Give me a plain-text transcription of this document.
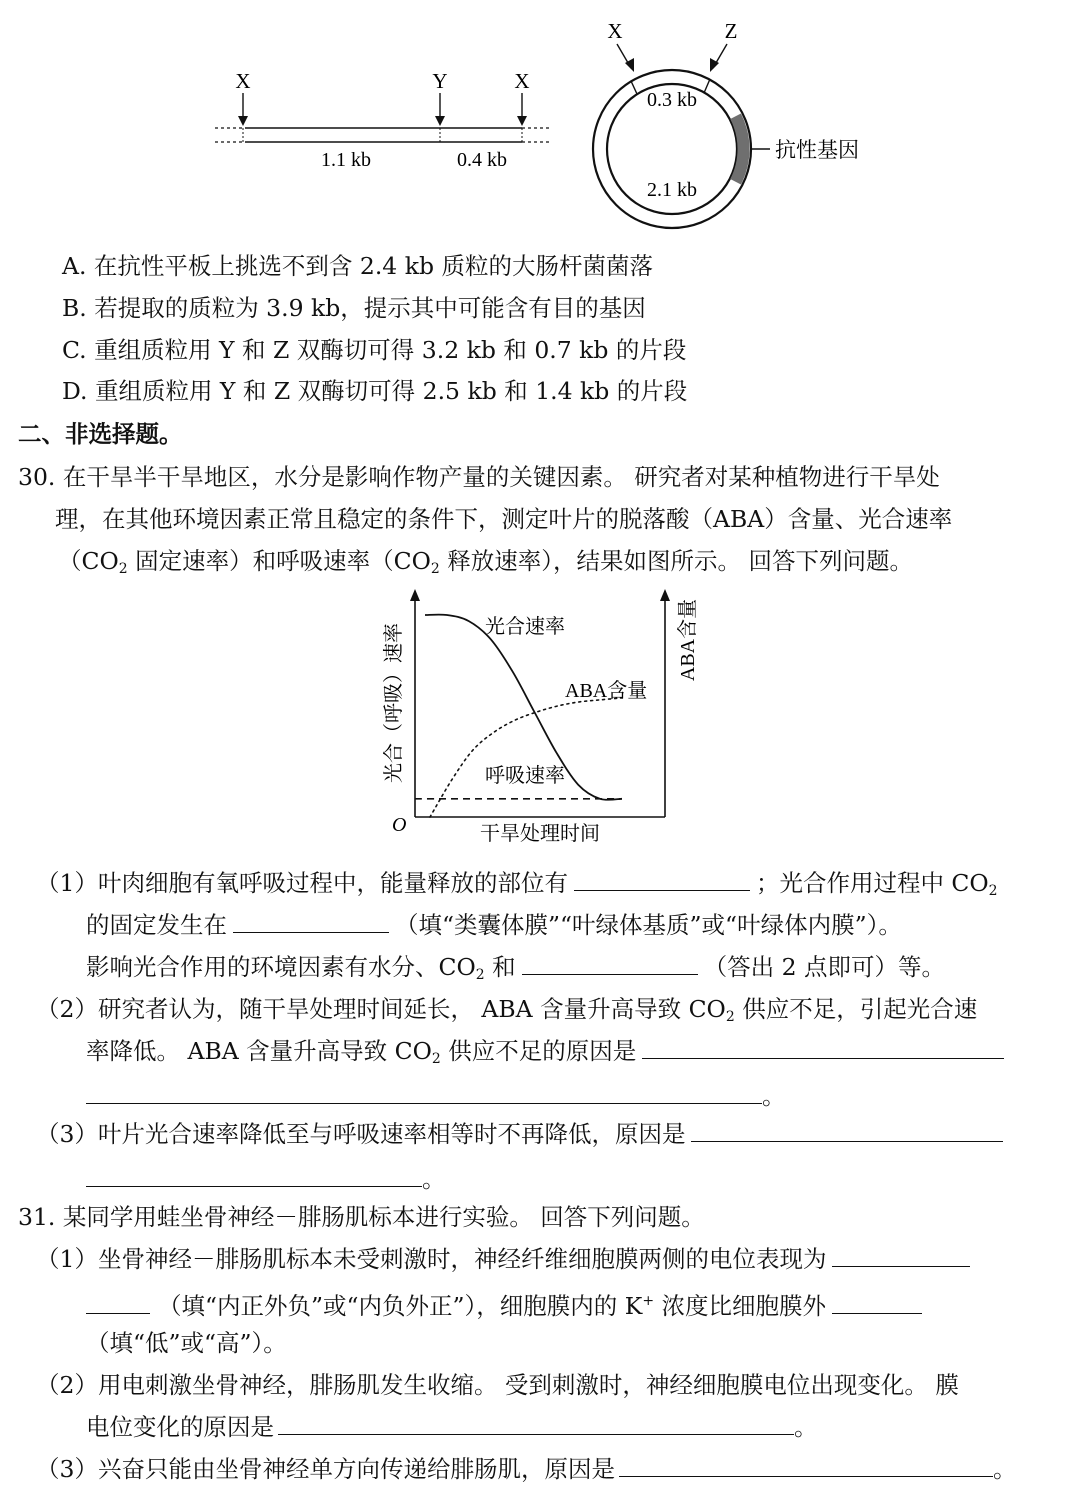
X	Y	X
1.1 kb	0.4 kb
X	Z
0.3 kb
2.1 kb
抗性基因
A. 在抗性平板上挑选不到含 2.4 kb 质粒的大肠杆菌菌落
B. 若提取的质粒为 3.9 kb，提示其中可能含有目的基因
C. 重组质粒用 Y 和 Z 双酶切可得 3.2 kb 和 0.7 kb 的片段
D. 重组质粒用 Y 和 Z 双酶切可得 2.5 kb 和 1.4 kb 的片段
二、非选择题。
30. 在干旱半干旱地区，水分是影响作物产量的关键因素。 研究者对某种植物进行干旱处
理，在其他环境因素正常且稳定的条件下，测定叶片的脱落酸（ABA）含量、光合速率
（$CO_2$ 固定速率）和呼吸速率（$CO_2$ 释放速率），结果如图所示。 回答下列问题。
光合速率
ABA含量
呼吸速率
O	干旱处理时间
光合（呼吸）速率	ABA含量
（1）叶肉细胞有氧呼吸过程中，能量释放的部位有	；光合作用过程中 $CO_2$
的固定发生在	（填“类囊体膜”“叶绿体基质”或“叶绿体内膜”）。
影响光合作用的环境因素有水分、$CO_2$ 和	（答出 2 点即可）等。
（2）研究者认为，随干旱处理时间延长， ABA 含量升高导致 $CO_2$ 供应不足，引起光合速
率降低。 ABA 含量升高导致 $CO_2$ 供应不足的原因是
。
（3）叶片光合速率降低至与呼吸速率相等时不再降低，原因是
。
31. 某同学用蛙坐骨神经－腓肠肌标本进行实验。 回答下列问题。
（1）坐骨神经－腓肠肌标本未受刺激时，神经纤维细胞膜两侧的电位表现为
（填“内正外负”或“内负外正”），细胞膜内的 K+ 浓度比细胞膜外
（填“低”或“高”）。
（2）用电刺激坐骨神经，腓肠肌发生收缩。 受到刺激时，神经细胞膜电位出现变化。 膜
电位变化的原因是	。
（3）兴奋只能由坐骨神经单方向传递给腓肠肌，原因是	。
